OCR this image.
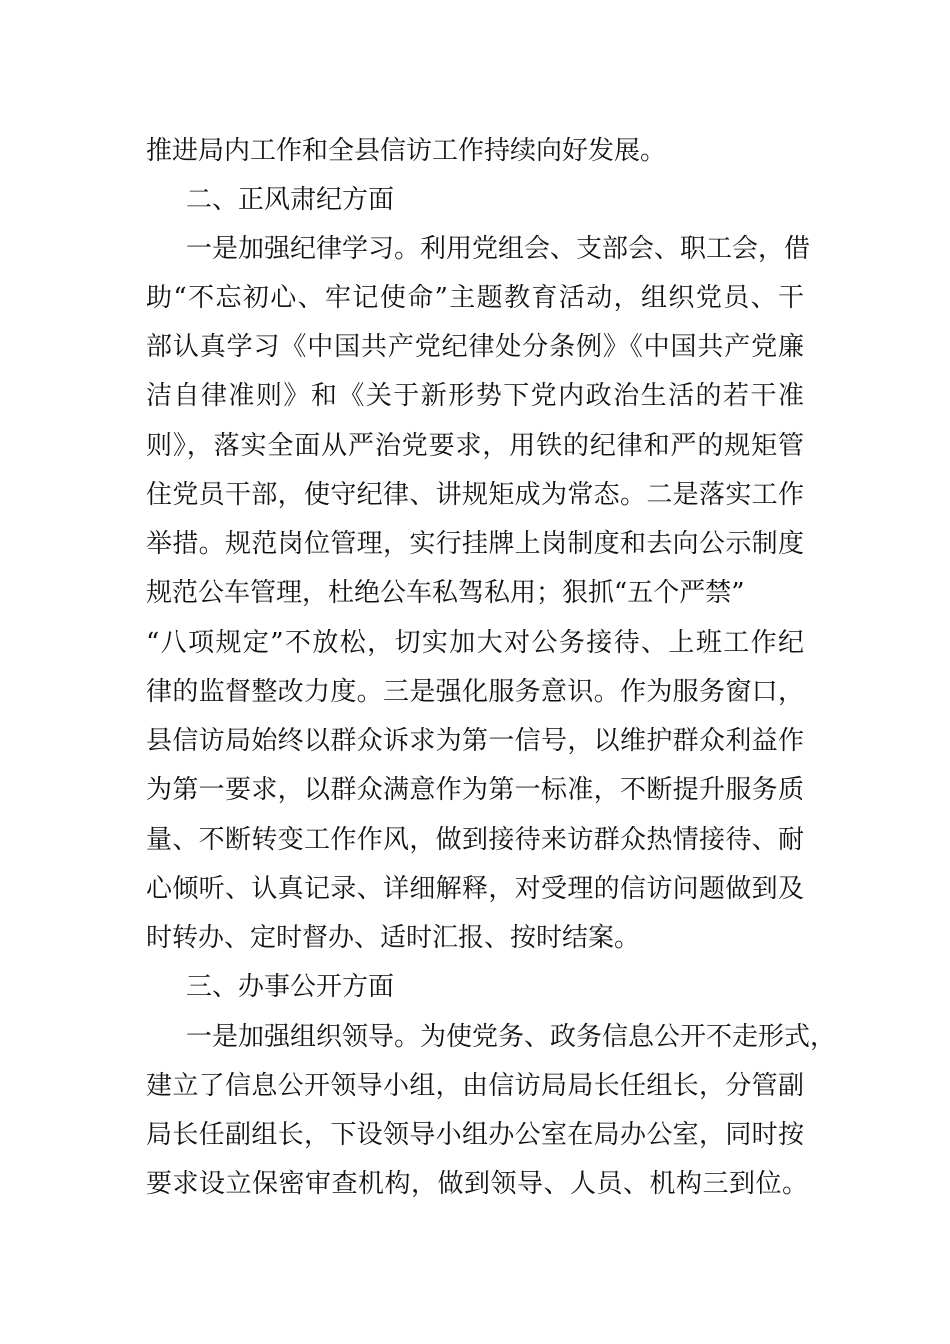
推进局内工作和全县信访工作持续向好发展。
二、正风肃纪方面
一是加强纪律学习。利用党组会、支部会、职工会，借
助“不忘初心、牢记使命”主题教育活动，组织党员、干
部认真学习《中国共产党纪律处分条例》《中国共产党廉
洁自律准则》和《关于新形势下党内政治生活的若干准
则》，落实全面从严治党要求，用铁的纪律和严的规矩管
住党员干部，使守纪律、讲规矩成为常态。二是落实工作
举措。规范岗位管理，实行挂牌上岗制度和去向公示制度
规范公车管理，杜绝公车私驾私用；狠抓“五个严禁”
“八项规定”不放松，切实加大对公务接待、上班工作纪
律的监督整改力度。三是强化服务意识。作为服务窗口，
县信访局始终以群众诉求为第一信号，以维护群众利益作
为第一要求，以群众满意作为第一标准，不断提升服务质
量、不断转变工作作风，做到接待来访群众热情接待、耐
心倾听、认真记录、详细解释，对受理的信访问题做到及
时转办、定时督办、适时汇报、按时结案。
三、办事公开方面
一是加强组织领导。为使党务、政务信息公开不走形式，
建立了信息公开领导小组，由信访局局长任组长，分管副
局长任副组长，下设领导小组办公室在局办公室，同时按
要求设立保密审查机构，做到领导、人员、机构三到位。
